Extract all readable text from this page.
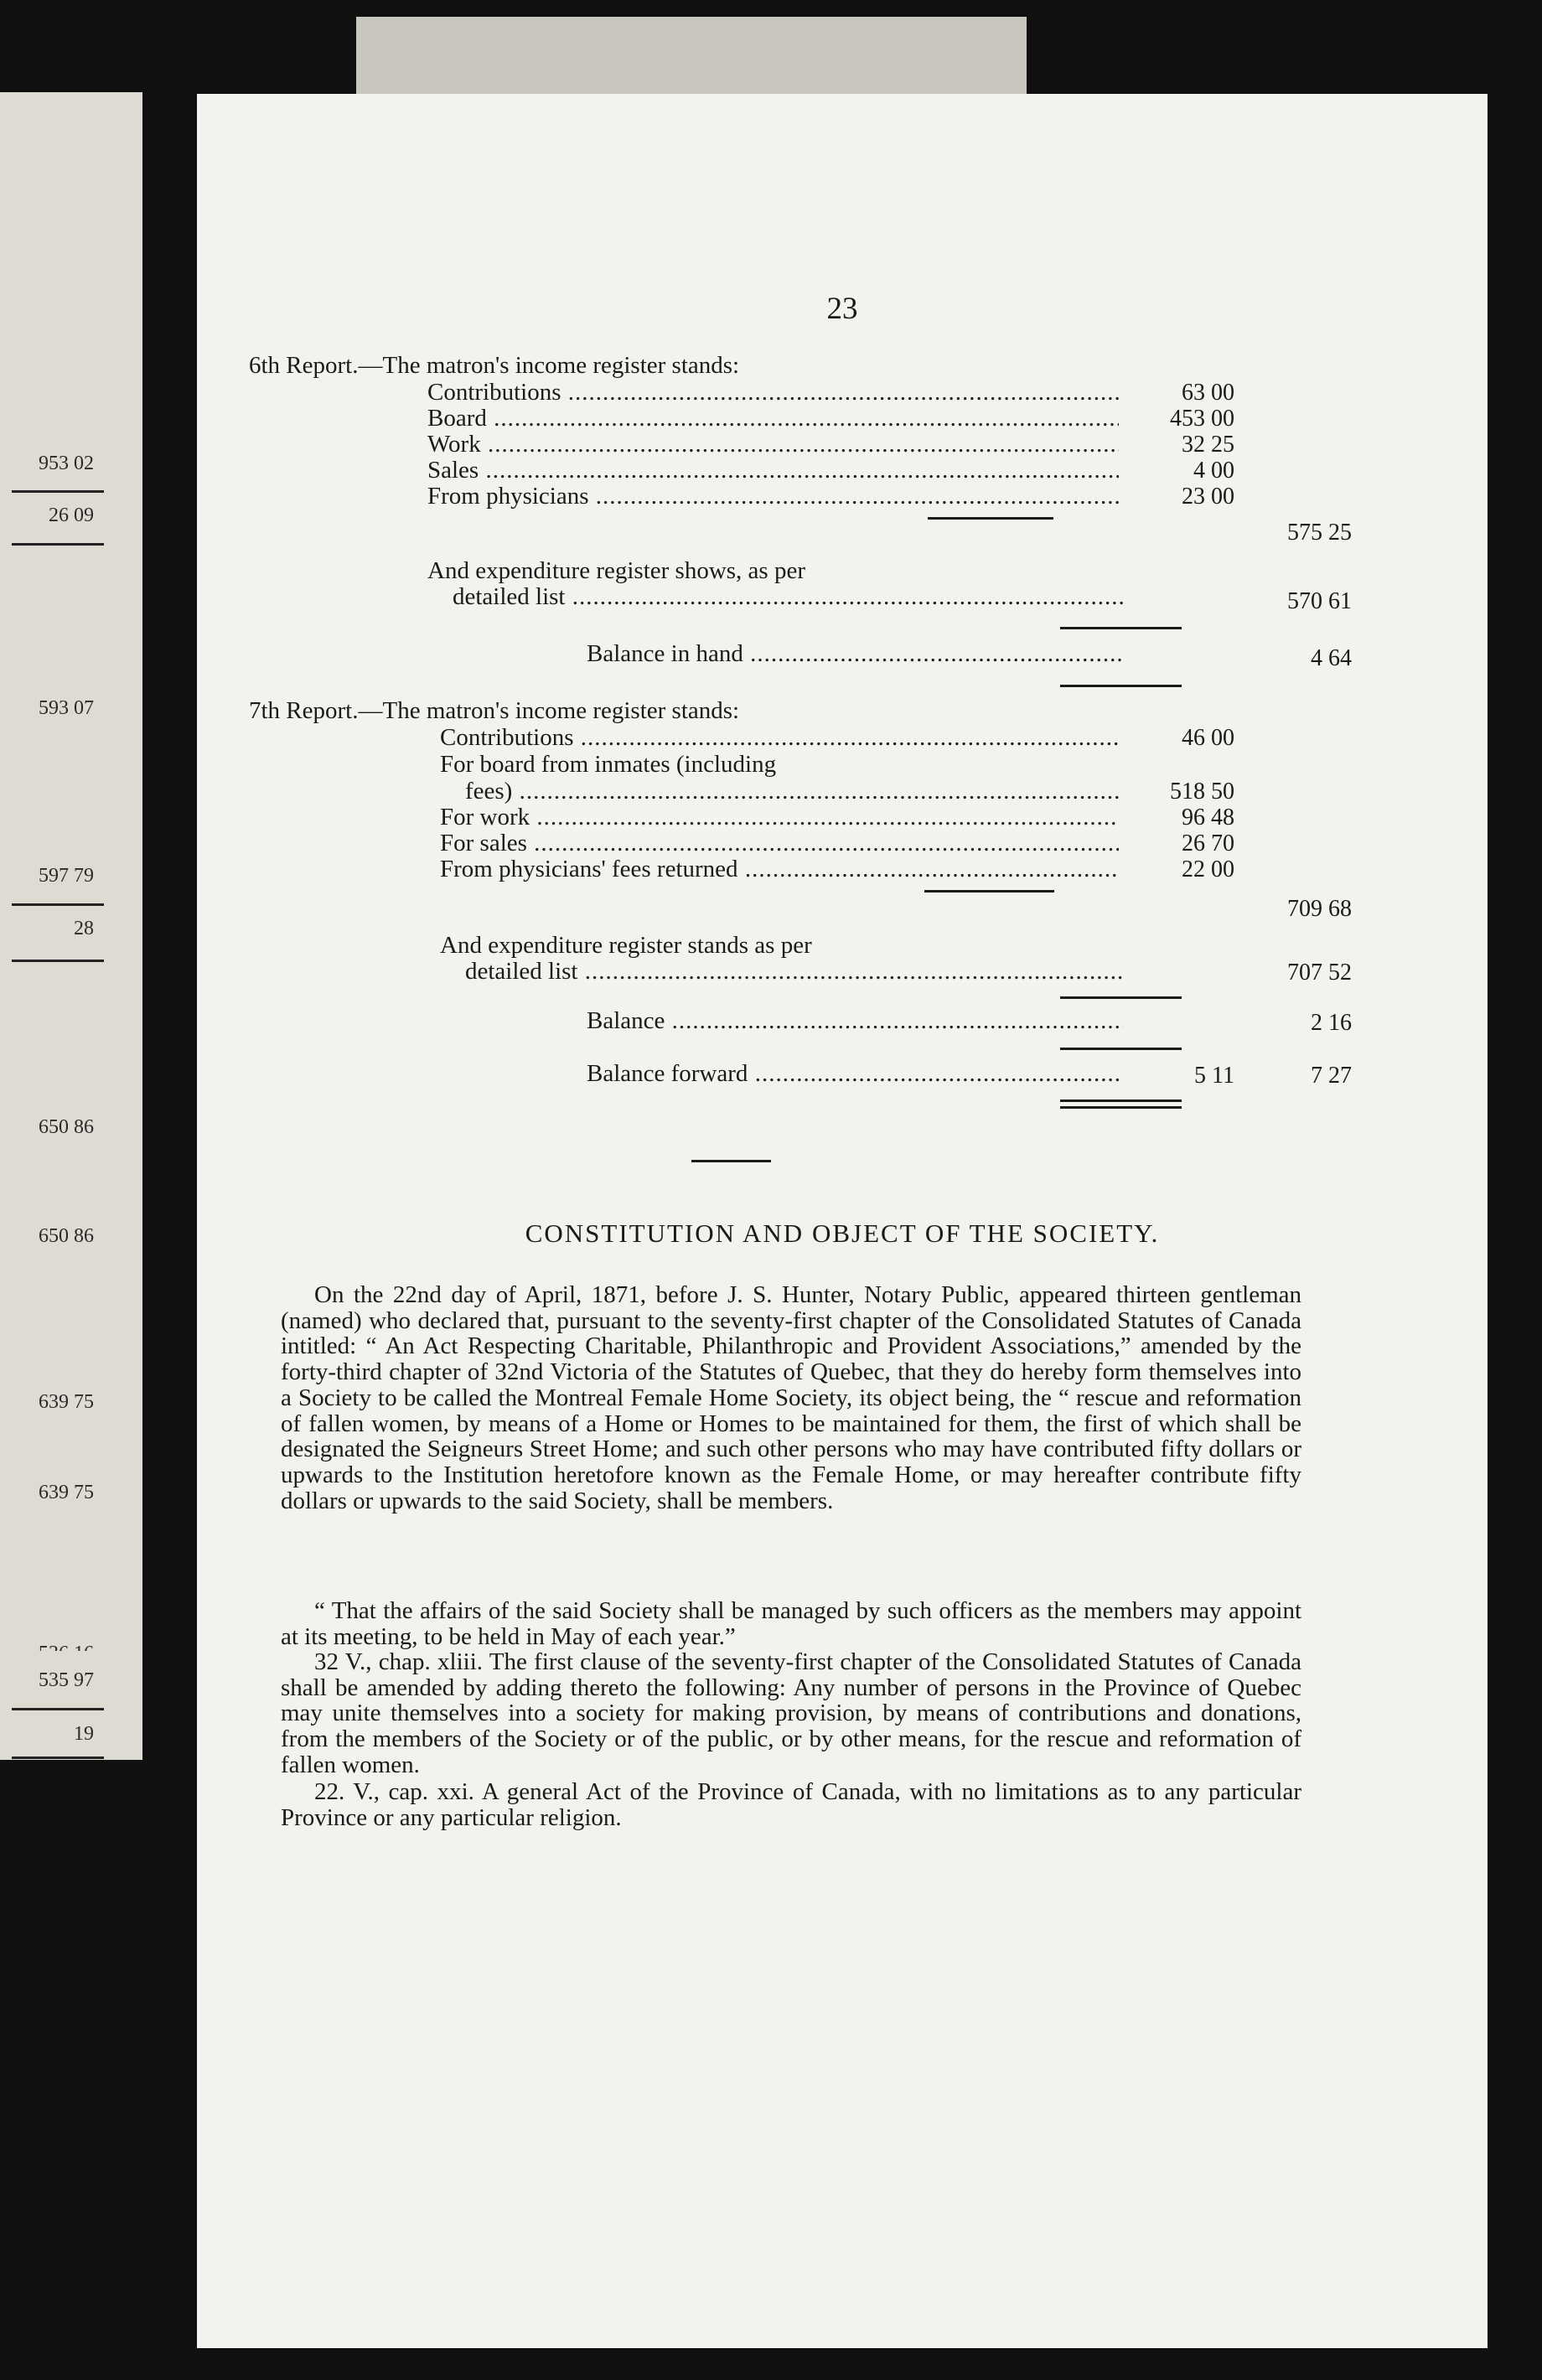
953 02
26 09
593 07
597 79
28
650 86
650 86
639 75
639 75
535 97
19
23
6th Report.—The matron's income register stands:
Contributions .....	63 00
Board .....	453 00
Work .....	32 25
Sales .....	4 00
From physicians .....	23 00
575 25
And expenditure register shows, as per
detailed list .....	570 61
Balance in hand .....	4 64
7th Report.—The matron's income register stands:
Contributions .....	46 00
For board from inmates (including
fees) .....	518 50
For work .....	96 48
For sales .....	26 70
From physicians' fees returned .....	22 00
709 68
And expenditure register stands as per
detailed list .....	707 52
Balance .....	2 16
Balance forward .....	5 11	7 27
CONSTITUTION AND OBJECT OF THE SOCIETY.
On the 22nd day of April, 1871, before J. S. Hunter, Notary Public, appeared thirteen gentleman (named) who declared that, pursuant to the seventy-first chapter of the Consolidated Statutes of Canada intitled: “ An Act Respecting Charitable, Philanthropic and Provident Associations,” amended by the forty-third chapter of 32nd Victoria of the Statutes of Quebec, that they do hereby form themselves into a Society to be called the Montreal Female Home Society, its object being, the “ rescue and reformation of fallen women, by means of a Home or Homes to be maintained for them, the first of which shall be designated the Seigneurs Street Home; and such other persons who may have contributed fifty dollars or upwards to the Institution heretofore known as the Female Home, or may hereafter contribute fifty dollars or upwards to the said Society, shall be members.
“ That the affairs of the said Society shall be managed by such officers as the members may appoint at its meeting, to be held in May of each year.”
32 V., chap. xliii. The first clause of the seventy-first chapter of the Consolidated Statutes of Canada shall be amended by adding thereto the following: Any number of persons in the Province of Quebec may unite themselves into a society for making provision, by means of contributions and donations, from the members of the Society or of the public, or by other means, for the rescue and reformation of fallen women.
22. V., cap. xxi. A general Act of the Province of Canada, with no limitations as to any particular Province or any particular religion.
